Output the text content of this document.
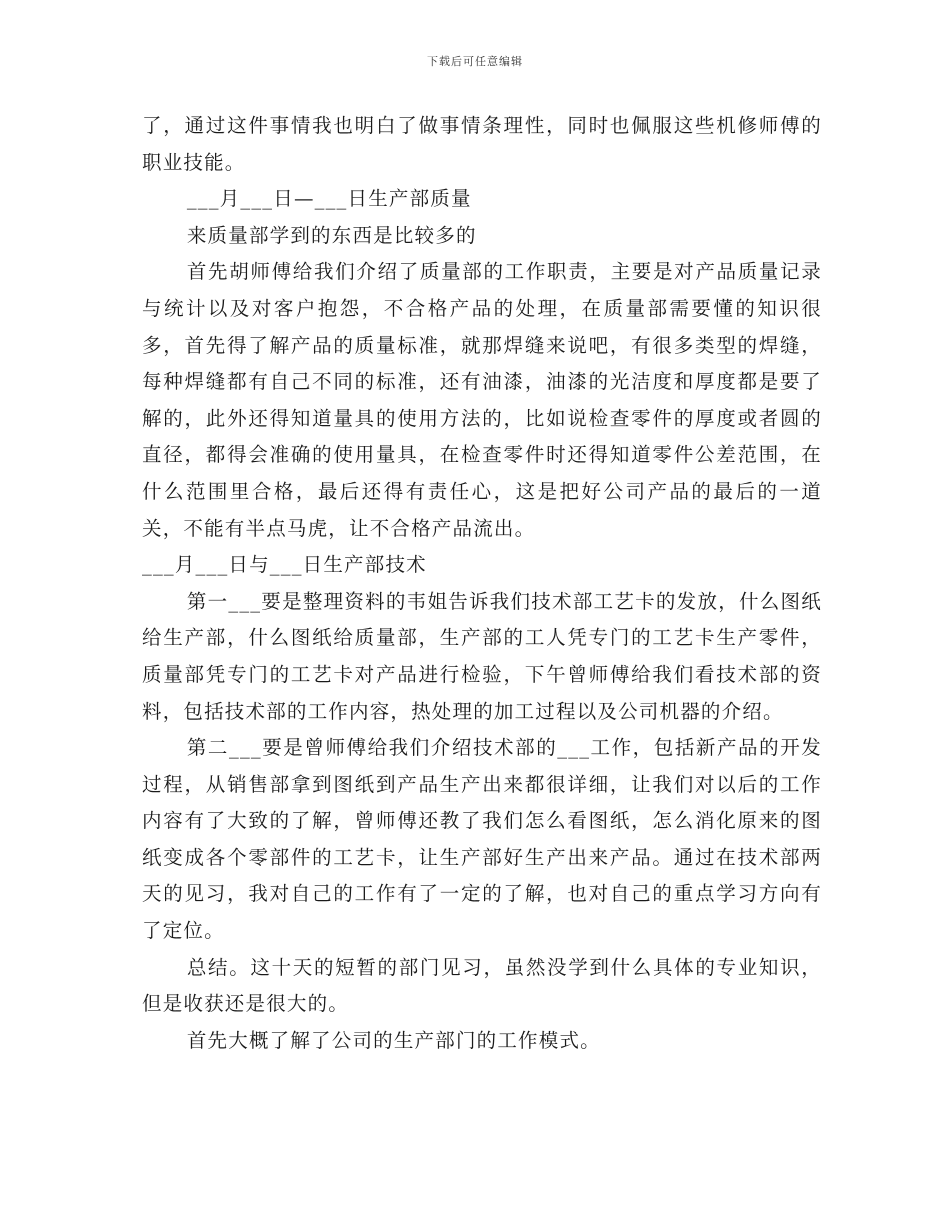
下载后可任意编辑

了，通过这件事情我也明白了做事情条理性，同时也佩服这些机修师傅的职业技能。

___月___日—___日生产部质量

来质量部学到的东西是比较多的

首先胡师傅给我们介绍了质量部的工作职责，主要是对产品质量记录与统计以及对客户抱怨，不合格产品的处理，在质量部需要懂的知识很多，首先得了解产品的质量标准，就那焊缝来说吧，有很多类型的焊缝，每种焊缝都有自己不同的标准，还有油漆，油漆的光洁度和厚度都是要了解的，此外还得知道量具的使用方法的，比如说检查零件的厚度或者圆的直径，都得会准确的使用量具，在检查零件时还得知道零件公差范围，在什么范围里合格，最后还得有责任心，这是把好公司产品的最后的一道关，不能有半点马虎，让不合格产品流出。

___月___日与___日生产部技术

第一___要是整理资料的韦姐告诉我们技术部工艺卡的发放，什么图纸给生产部，什么图纸给质量部，生产部的工人凭专门的工艺卡生产零件，质量部凭专门的工艺卡对产品进行检验，下午曾师傅给我们看技术部的资料，包括技术部的工作内容，热处理的加工过程以及公司机器的介绍。

第二___要是曾师傅给我们介绍技术部的___工作，包括新产品的开发过程，从销售部拿到图纸到产品生产出来都很详细，让我们对以后的工作内容有了大致的了解，曾师傅还教了我们怎么看图纸，怎么消化原来的图纸变成各个零部件的工艺卡，让生产部好生产出来产品。通过在技术部两天的见习，我对自己的工作有了一定的了解，也对自己的重点学习方向有了定位。

总结。这十天的短暂的部门见习，虽然没学到什么具体的专业知识，但是收获还是很大的。

首先大概了解了公司的生产部门的工作模式。
